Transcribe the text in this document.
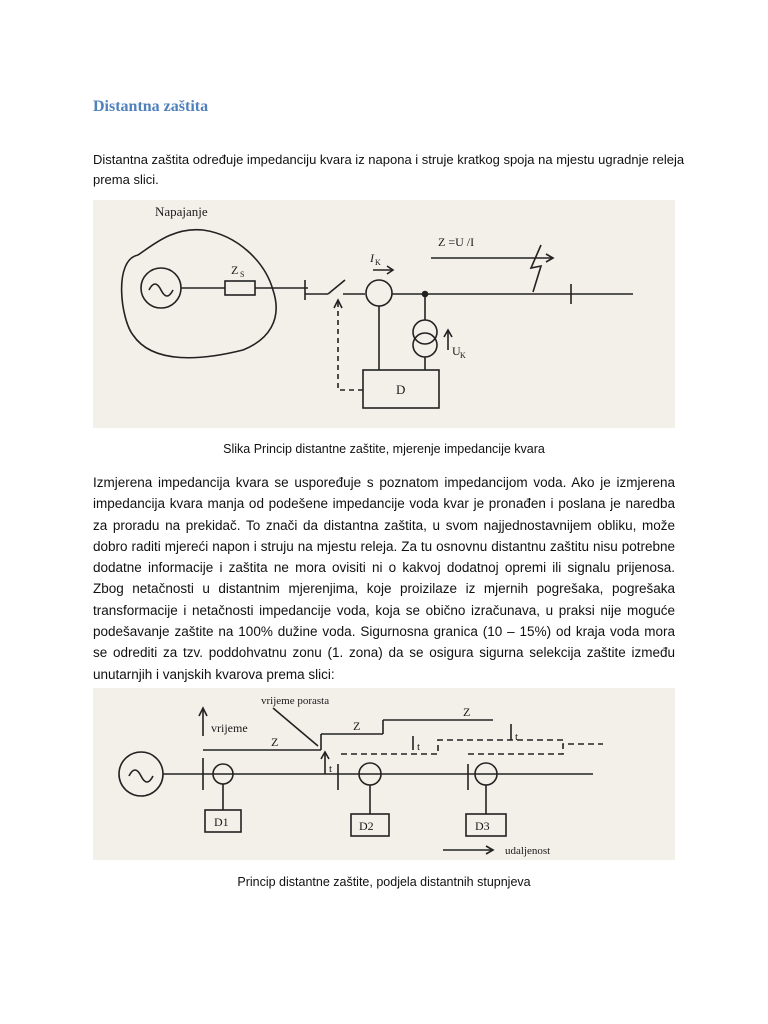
Distantna zaštita
Distantna zaštita određuje impedanciju kvara iz napona i struje kratkog spoja na mjestu ugradnje releja prema slici.
Napajanje
Z S
I K
Z =U /I
U K
D
Slika Princip distantne zaštite, mjerenje impedancije kvara
Izmjerena impedancija kvara se uspoređuje s poznatom impedancijom voda. Ako je izmjerena impedancija kvara manja od podešene impedancije voda kvar je pronađen i poslana je naredba za proradu na prekidač. To znači da distantna zaštita, u svom najjednostavnijem obliku, može dobro raditi mjereći napon i struju na mjestu releja. Za tu osnovnu distantnu zaštitu nisu potrebne dodatne informacije i zaštita ne mora ovisiti ni o kakvoj dodatnoj opremi ili signalu prijenosa. Zbog netačnosti u distantnim mjerenjima, koje proizilaze iz mjernih pogrešaka, pogrešaka transformacije i netačnosti impedancije voda, koja se obično izračunava, u praksi nije moguće podešavanje zaštite na 100% dužine voda. Sigurnosna granica (10 – 15%) od kraja voda mora se odrediti za tzv. poddohvatnu zonu (1. zona) da se osigura sigurna selekcija zaštite između unutarnjih i vanjskih kvarova prema slici:
vrijeme
vrijeme porasta
Z
Z
Z
t
t
t
D1	D2	D3
udaljenost
Princip distantne zaštite, podjela distantnih stupnjeva
